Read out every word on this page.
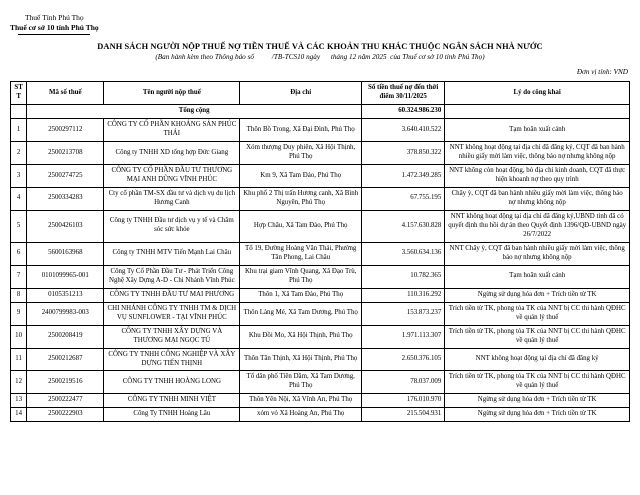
Thuế Tỉnh Phú Thọ
Thuế cơ sở 10 tỉnh Phú Thọ
DANH SÁCH NGƯỜI NỘP THUẾ NỢ TIỀN THUẾ VÀ CÁC KHOẢN THU KHÁC THUỘC NGÂN SÁCH NHÀ NƯỚC
(Ban hành kèm theo Thông báo số          /TB-TCS10 ngày      tháng 12 năm 2025  của Thuế cơ sở 10 tỉnh Phú Thọ)
Đơn vị tính: VND
STT	Mã số thuế	Tên người nộp thuế	Địa chỉ	Số tiền thuế nợ đến thời điểm 30/11/2025	Lý do công khai
	Tổng cộng			60.324.986.230	
1	2500297112	CÔNG TY CỔ PHẦN KHOÁNG SẢN PHÚC THÁI	Thôn Bồ Trong, Xã Đại Đình, Phú Thọ	3.640.410.522	Tạm hoãn xuất cảnh
2	2500213708	Công ty TNHH XD tổng hợp Đức Giang	Xóm thượng Duy phiên, Xã Hội Thịnh, Phú Thọ	378.850.322	NNT không hoạt động tại địa chỉ đã đăng ký, CQT đã ban hành nhiều giấy mời làm việc, thông báo nợ nhưng không nộp
3	2500274725	CÔNG TY CỔ PHẦN ĐẦU TƯ THƯƠNG MẠI ANH DŨNG VĨNH PHÚC	Km 9, Xã Tam Đảo, Phú Thọ	1.472.349.285	NNT không còn hoạt động, bỏ địa chỉ kinh doanh, CQT đã thực hiện khoanh nợ theo quy trình
4	2500334283	Cty cổ phần TM-SX đầu tư và dịch vụ du lịch Hương Canh	Khu phố 2 Thị trấn Hương canh, Xã Bình Nguyên, Phú Thọ	67.755.195	Chây ỳ, CQT đã ban hành nhiều giấy mời làm việc, thông báo nợ nhưng không nộp
5	2500426103	Công ty TNHH Đầu tư dịch vụ y tế và Chăm sóc sức khỏe	Hợp Châu, Xã Tam Đảo, Phú Thọ	4.157.630.828	NNT không hoạt động tại địa chỉ đã đăng ký,UBND tỉnh đã có quyết định thu hồi dự án theo Quyết định 1396/QĐ-UBND ngày 26/7/2022
6	5600163968	Công ty TNHH MTV Tiến Mạnh Lai Châu	Tổ 19, Đường Hoàng Văn Thái, Phường Tân Phong, Lai Châu	3.560.634.136	NNT Chây ỳ, CQT đã ban hành nhiều giấy mời làm việc, thông báo nợ nhưng không nộp
7	0101099965-001	Công Ty Cổ Phần Đầu Tư - Phát Triển Công Nghệ Xây Dựng A-D - Chi Nhánh Vĩnh Phúc	Khu trại giam Vĩnh Quang, Xã Đạo Trù, Phú Thọ	10.782.365	Tạm hoãn xuất cảnh
8	0105351213	CÔNG TY TNHH ĐẦU TƯ MAI PHƯƠNG	Thôn 1, Xã Tam Đảo, Phú Thọ	110.316.292	Ngừng sử dụng hóa đơn + Trích tiền từ TK
9	2400799983-003	CHI NHÁNH CÔNG TY TNHH TM & DỊCH VỤ SUNFLOWER - TẠI VĨNH PHÚC	Thôn Làng Mé, Xã Tam Dương, Phú Thọ	153.873.237	Trích tiền từ TK, phong tỏa TK của NNT bị CC thi hành QĐHC về quản lý thuế
10	2500208419	CÔNG TY TNHH XÂY DỰNG VÀ THƯƠNG MẠI NGỌC TÚ	Khu Đồi Mo, Xã Hội Thịnh, Phú Thọ	1.971.113.307	Trích tiền từ TK, phong tỏa TK của NNT bị CC thi hành QĐHC về quản lý thuế
11	2500212687	CÔNG TY TNHH CÔNG NGHIỆP VÀ XÂY DỰNG TIẾN THỊNH	Thôn Tân Thịnh, Xã Hội Thịnh, Phú Thọ	2.650.376.105	NNT không hoạt động tại địa chỉ đã đăng ký
12	2500219516	CÔNG TY TNHH HOÀNG LONG	Tổ dân phố Tiên Dầm, Xã Tam Dương, Phú Thọ	78.037.009	Trích tiền từ TK, phong tỏa TK của NNT bị CC thi hành QĐHC về quản lý thuế
13	2500222477	CÔNG TY TNHH MINH VIỆT	Thôn Yên Nội, Xã Vĩnh An, Phú Thọ	176.010.970	Ngừng sử dụng hóa đơn + Trích tiền từ TK
14	2500222903	Công Ty TNHH Hoàng Lâu	xóm vó Xã Hoàng An, Phú Thọ	215.504.931	Ngừng sử dụng hóa đơn + Trích tiền từ TK
